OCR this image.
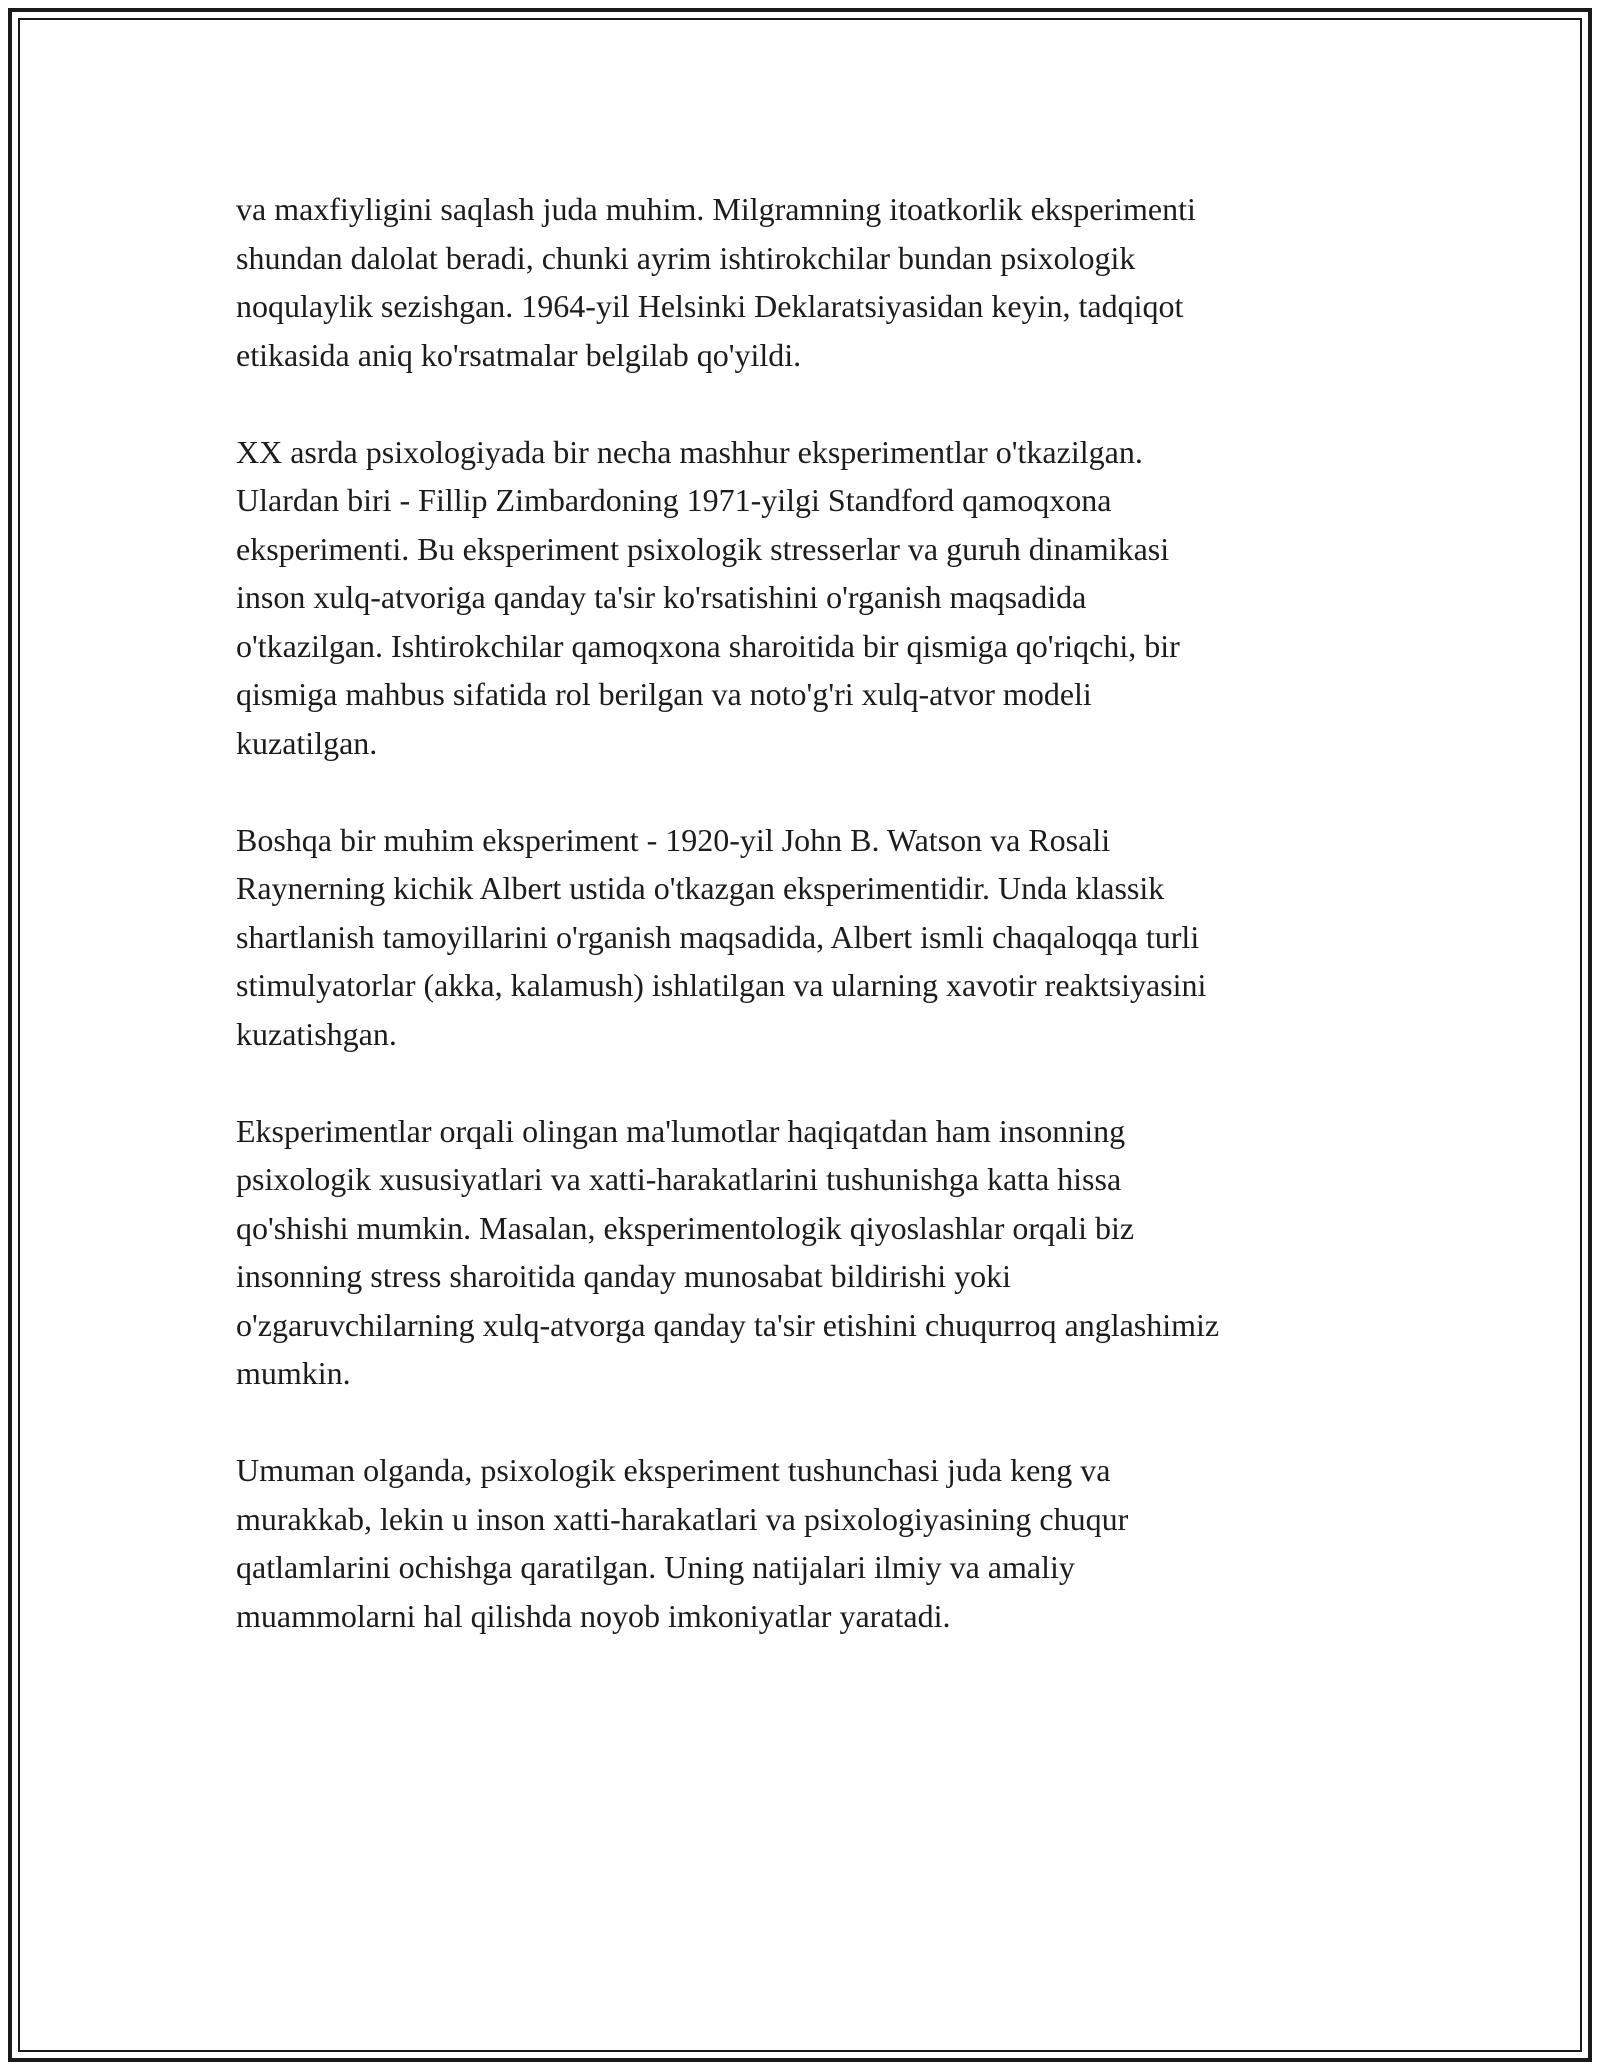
va maxfiyligini saqlash juda muhim. Milgramning itoatkorlik eksperimenti
shundan dalolat beradi, chunki ayrim ishtirokchilar bundan psixologik
noqulaylik sezishgan. 1964-yil Helsinki Deklaratsiyasidan keyin, tadqiqot
etikasida aniq ko'rsatmalar belgilab qo'yildi.

XX asrda psixologiyada bir necha mashhur eksperimentlar o'tkazilgan.
Ulardan biri - Fillip Zimbardoning 1971-yilgi Standford qamoqxona
eksperimenti. Bu eksperiment psixologik stresserlar va guruh dinamikasi
inson xulq-atvoriga qanday ta'sir ko'rsatishini o'rganish maqsadida
o'tkazilgan. Ishtirokchilar qamoqxona sharoitida bir qismiga qo'riqchi, bir
qismiga mahbus sifatida rol berilgan va noto'g'ri xulq-atvor modeli
kuzatilgan.

Boshqa bir muhim eksperiment - 1920-yil John B. Watson va Rosali
Raynerning kichik Albert ustida o'tkazgan eksperimentidir. Unda klassik
shartlanish tamoyillarini o'rganish maqsadida, Albert ismli chaqaloqqa turli
stimulyatorlar (akka, kalamush) ishlatilgan va ularning xavotir reaktsiyasini
kuzatishgan.

Eksperimentlar orqali olingan ma'lumotlar haqiqatdan ham insonning
psixologik xususiyatlari va xatti-harakatlarini tushunishga katta hissa
qo'shishi mumkin. Masalan, eksperimentologik qiyoslashlar orqali biz
insonning stress sharoitida qanday munosabat bildirishi yoki
o'zgaruvchilarning xulq-atvorga qanday ta'sir etishini chuqurroq anglashimiz
mumkin.

Umuman olganda, psixologik eksperiment tushunchasi juda keng va
murakkab, lekin u inson xatti-harakatlari va psixologiyasining chuqur
qatlamlarini ochishga qaratilgan. Uning natijalari ilmiy va amaliy
muammolarni hal qilishda noyob imkoniyatlar yaratadi.
